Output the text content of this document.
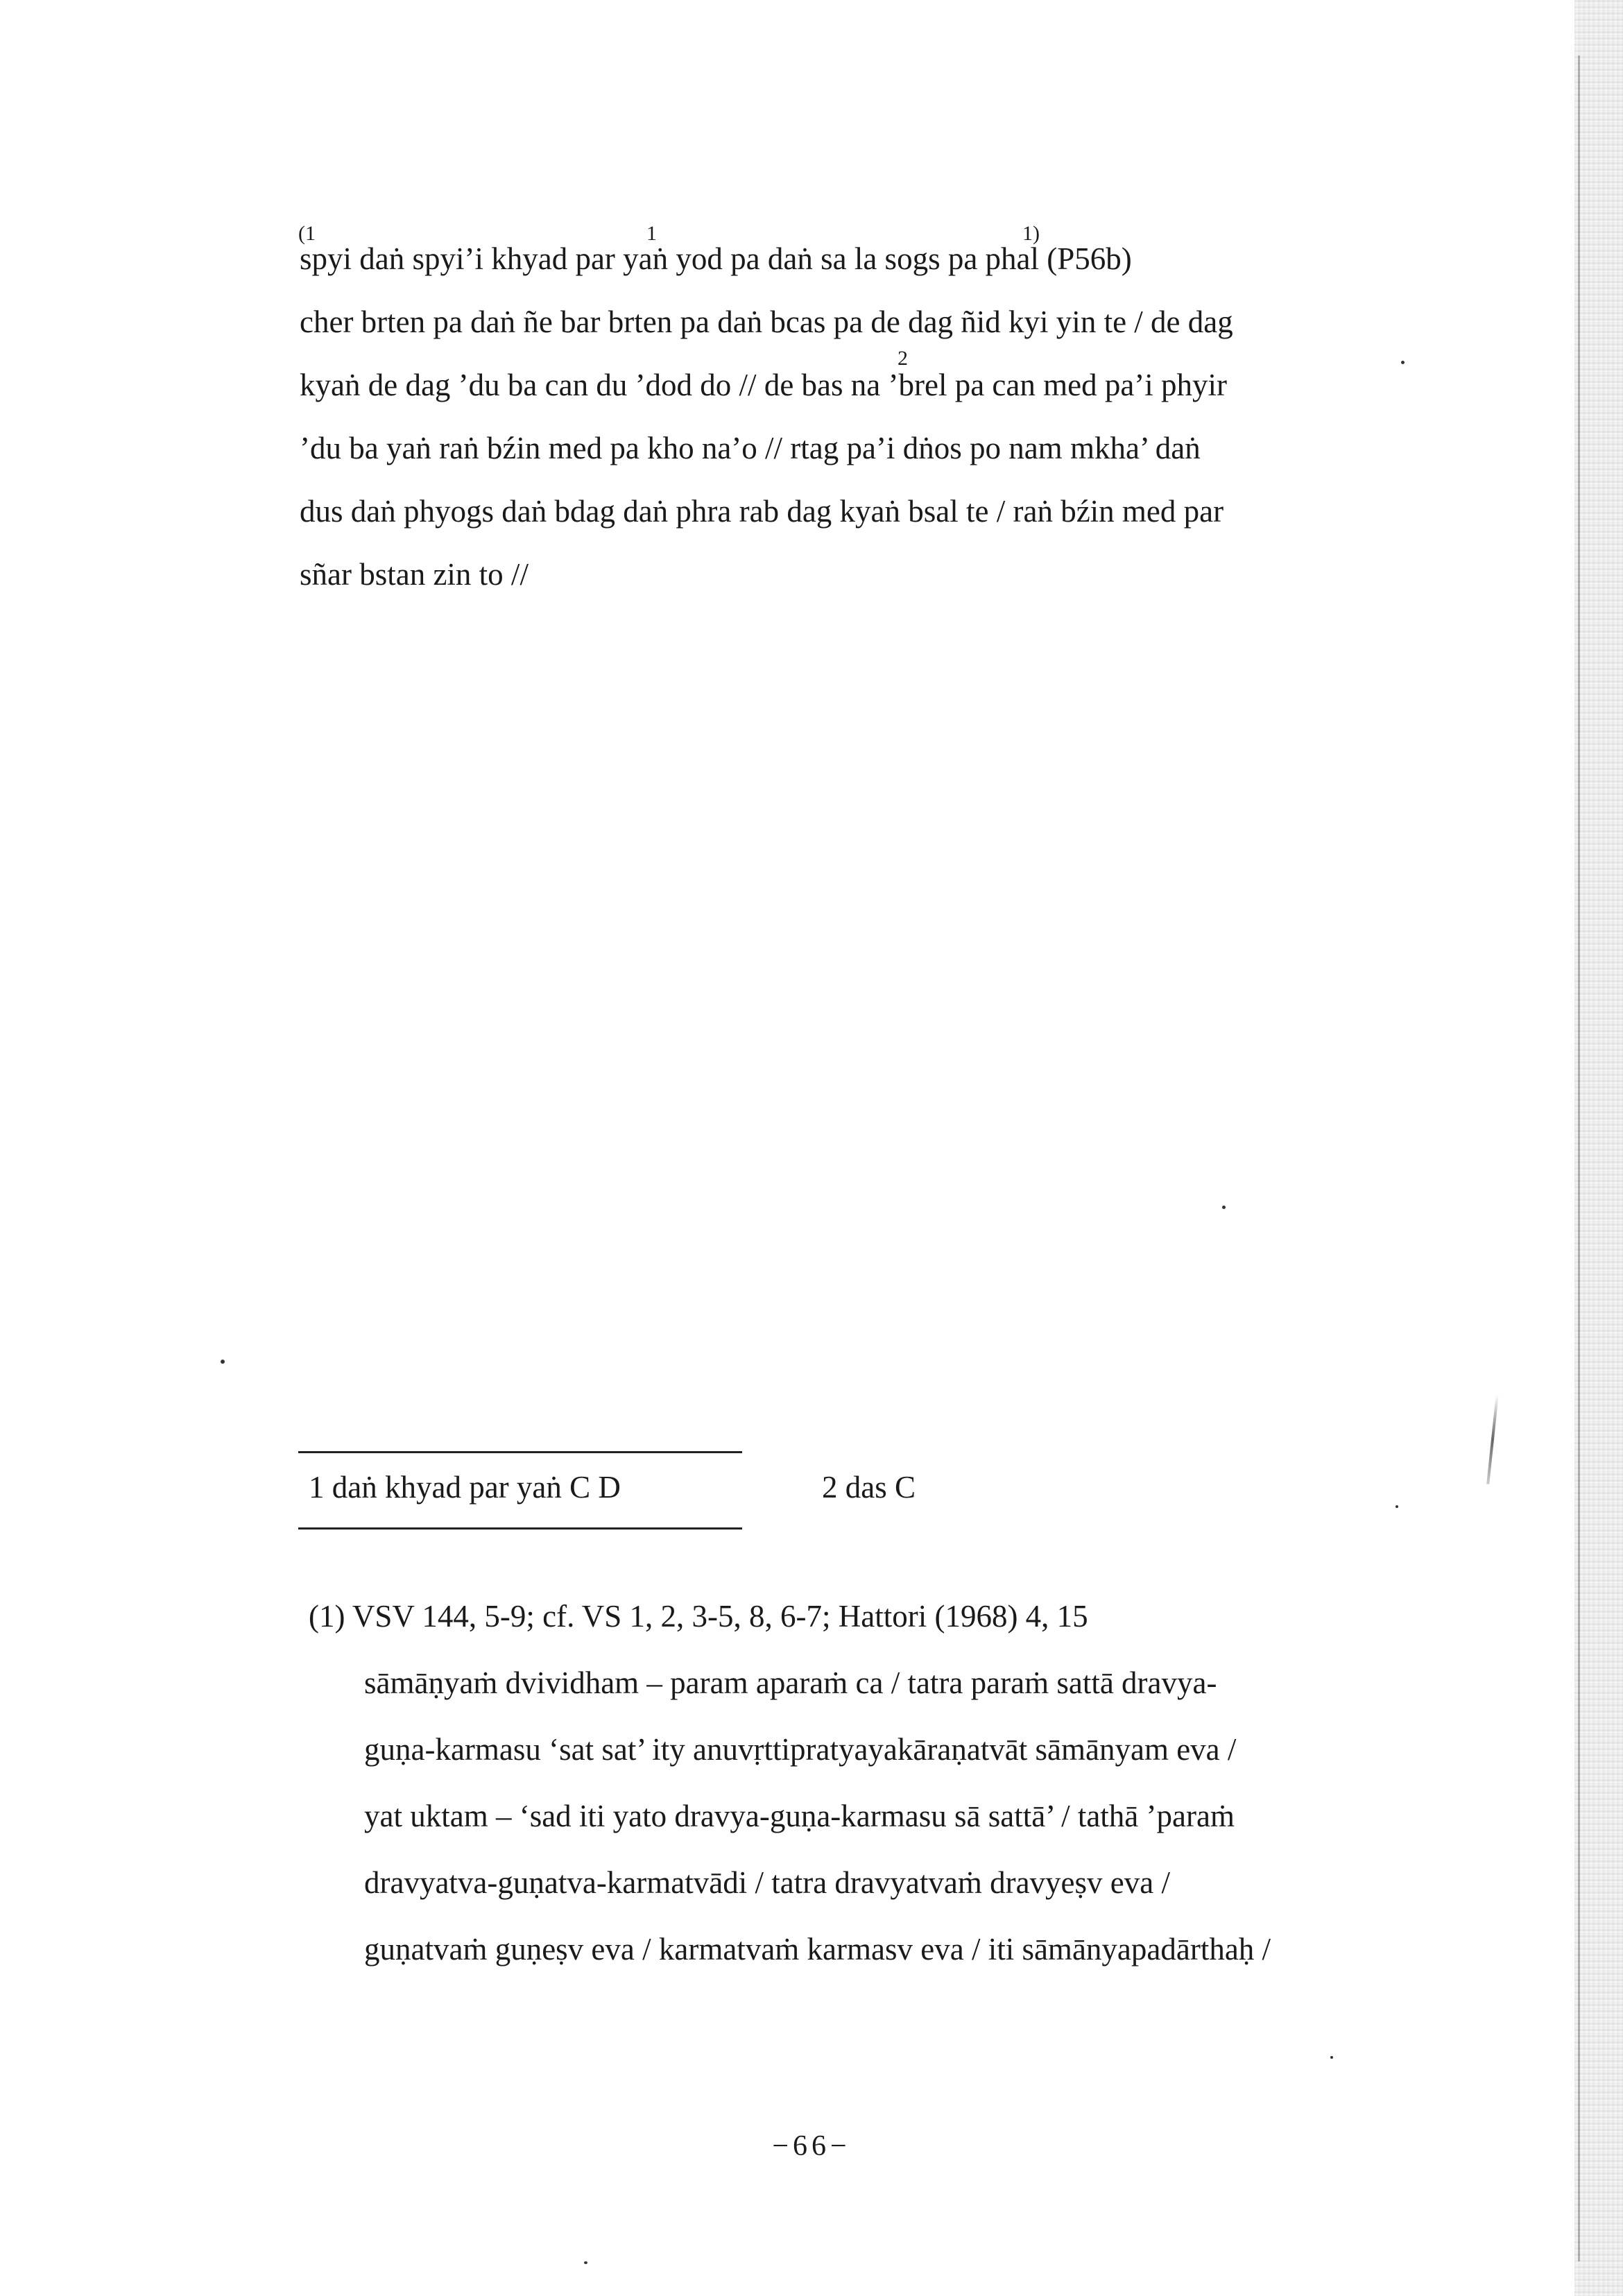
(1	1	1)
spyi daṅ spyi’i khyad par yaṅ yod pa daṅ sa la sogs pa phal (P56b)
cher brten pa daṅ ñe bar brten pa daṅ bcas pa de dag ñid kyi yin te / de dag
2
kyaṅ de dag ’du ba can du ’dod do // de bas na ’brel pa can med pa’i phyir
’du ba yaṅ raṅ bźin med pa kho na’o // rtag pa’i dṅos po nam mkha’ daṅ
dus daṅ phyogs daṅ bdag daṅ phra rab dag kyaṅ bsal te / raṅ bźin med par
sñar bstan zin to //
1 daṅ khyad par yaṅ C D	2 das C
(1) VSV 144, 5-9; cf. VS 1, 2, 3-5, 8, 6-7; Hattori (1968) 4, 15
sāmāṇyaṁ dvividham – param aparaṁ ca / tatra paraṁ sattā dravya-
guṇa-karmasu ‘sat sat’ ity anuvṛttipratyayakāraṇatvāt sāmānyam eva /
yat uktam – ‘sad iti yato dravya-guṇa-karmasu sā sattā’ / tathā ’paraṁ
dravyatva-guṇatva-karmatvādi / tatra dravyatvaṁ dravyeṣv eva /
guṇatvaṁ guṇeṣv eva / karmatvaṁ karmasv eva / iti sāmānyapadārthaḥ /
−66−
